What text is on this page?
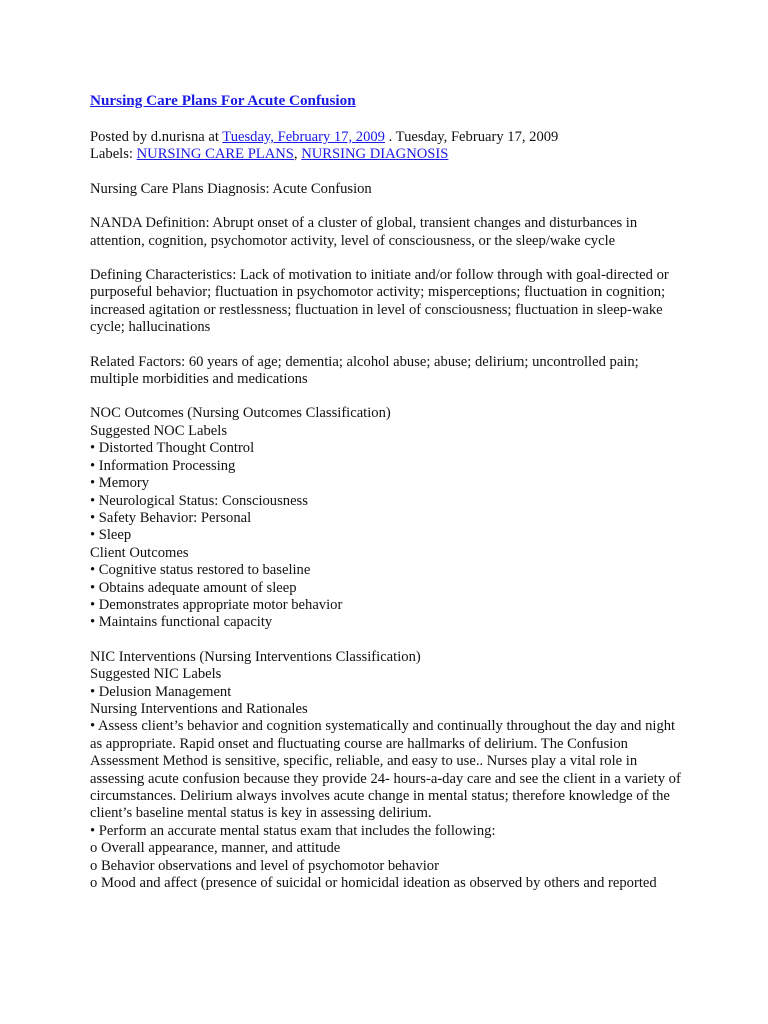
Nursing Care Plans For Acute Confusion

Posted by d.nurisna at Tuesday, February 17, 2009 . Tuesday, February 17, 2009

Labels: NURSING CARE PLANS, NURSING DIAGNOSIS

Nursing Care Plans Diagnosis: Acute Confusion

NANDA Definition: Abrupt onset of a cluster of global, transient changes and disturbances in attention, cognition, psychomotor activity, level of consciousness, or the sleep/wake cycle

Defining Characteristics: Lack of motivation to initiate and/or follow through with goal-directed or purposeful behavior; fluctuation in psychomotor activity; misperceptions; fluctuation in cognition; increased agitation or restlessness; fluctuation in level of consciousness; fluctuation in sleep-wake cycle; hallucinations

Related Factors: 60 years of age; dementia; alcohol abuse; abuse; delirium; uncontrolled pain; multiple morbidities and medications

NOC Outcomes (Nursing Outcomes Classification)

Suggested NOC Labels

• Distorted Thought Control

• Information Processing

• Memory

• Neurological Status: Consciousness

• Safety Behavior: Personal

• Sleep

Client Outcomes

• Cognitive status restored to baseline

• Obtains adequate amount of sleep

• Demonstrates appropriate motor behavior

• Maintains functional capacity

NIC Interventions (Nursing Interventions Classification)

Suggested NIC Labels

• Delusion Management

Nursing Interventions and Rationales

• Assess client’s behavior and cognition systematically and continually throughout the day and night as appropriate. Rapid onset and fluctuating course are hallmarks of delirium. The Confusion Assessment Method is sensitive, specific, reliable, and easy to use.. Nurses play a vital role in assessing acute confusion because they provide 24- hours-a-day care and see the client in a variety of circumstances. Delirium always involves acute change in mental status; therefore knowledge of the client’s baseline mental status is key in assessing delirium.

• Perform an accurate mental status exam that includes the following:

o Overall appearance, manner, and attitude

o Behavior observations and level of psychomotor behavior

o Mood and affect (presence of suicidal or homicidal ideation as observed by others and reported
